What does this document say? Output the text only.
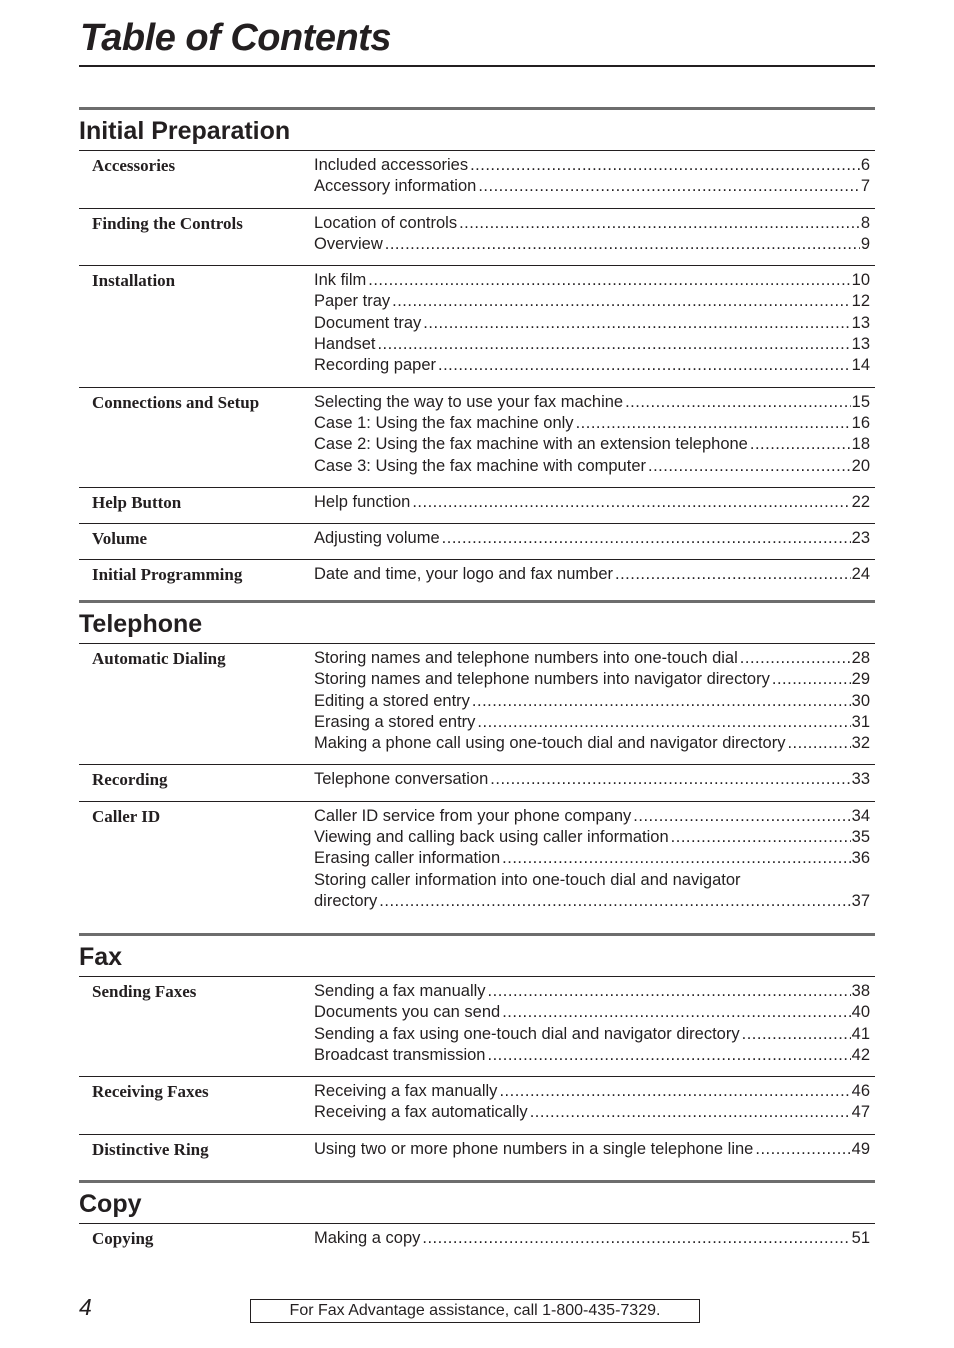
Table of Contents
Initial Preparation
Accessories	Included accessories .....	6
Accessory information .....	7
Finding the Controls	Location of controls .....	8
Overview .....	9
Installation	Ink film .....	10
Paper tray .....	12
Document tray .....	13
Handset .....	13
Recording paper .....	14
Connections and Setup	Selecting the way to use your fax machine .....	15
Case 1: Using the fax machine only .....	16
Case 2: Using the fax machine with an extension telephone .....	18
Case 3: Using the fax machine with computer .....	20
Help Button	Help function .....	22
Volume	Adjusting volume .....	23
Initial Programming	Date and time, your logo and fax number .....	24
Telephone
Automatic Dialing	Storing names and telephone numbers into one-touch dial .....	28
Storing names and telephone numbers into navigator directory .....	29
Editing a stored entry .....	30
Erasing a stored entry .....	31
Making a phone call using one-touch dial and navigator directory .....	32
Recording	Telephone conversation .....	33
Caller ID	Caller ID service from your phone company .....	34
Viewing and calling back using caller information .....	35
Erasing caller information .....	36
Storing caller information into one-touch dial and navigator
directory .....	37
Fax
Sending Faxes	Sending a fax manually .....	38
Documents you can send .....	40
Sending a fax using one-touch dial and navigator directory .....	41
Broadcast transmission .....	42
Receiving Faxes	Receiving a fax manually .....	46
Receiving a fax automatically .....	47
Distinctive Ring	Using two or more phone numbers in a single telephone line .....	49
Copy
Copying	Making a copy .....	51
4	For Fax Advantage assistance, call 1-800-435-7329.
